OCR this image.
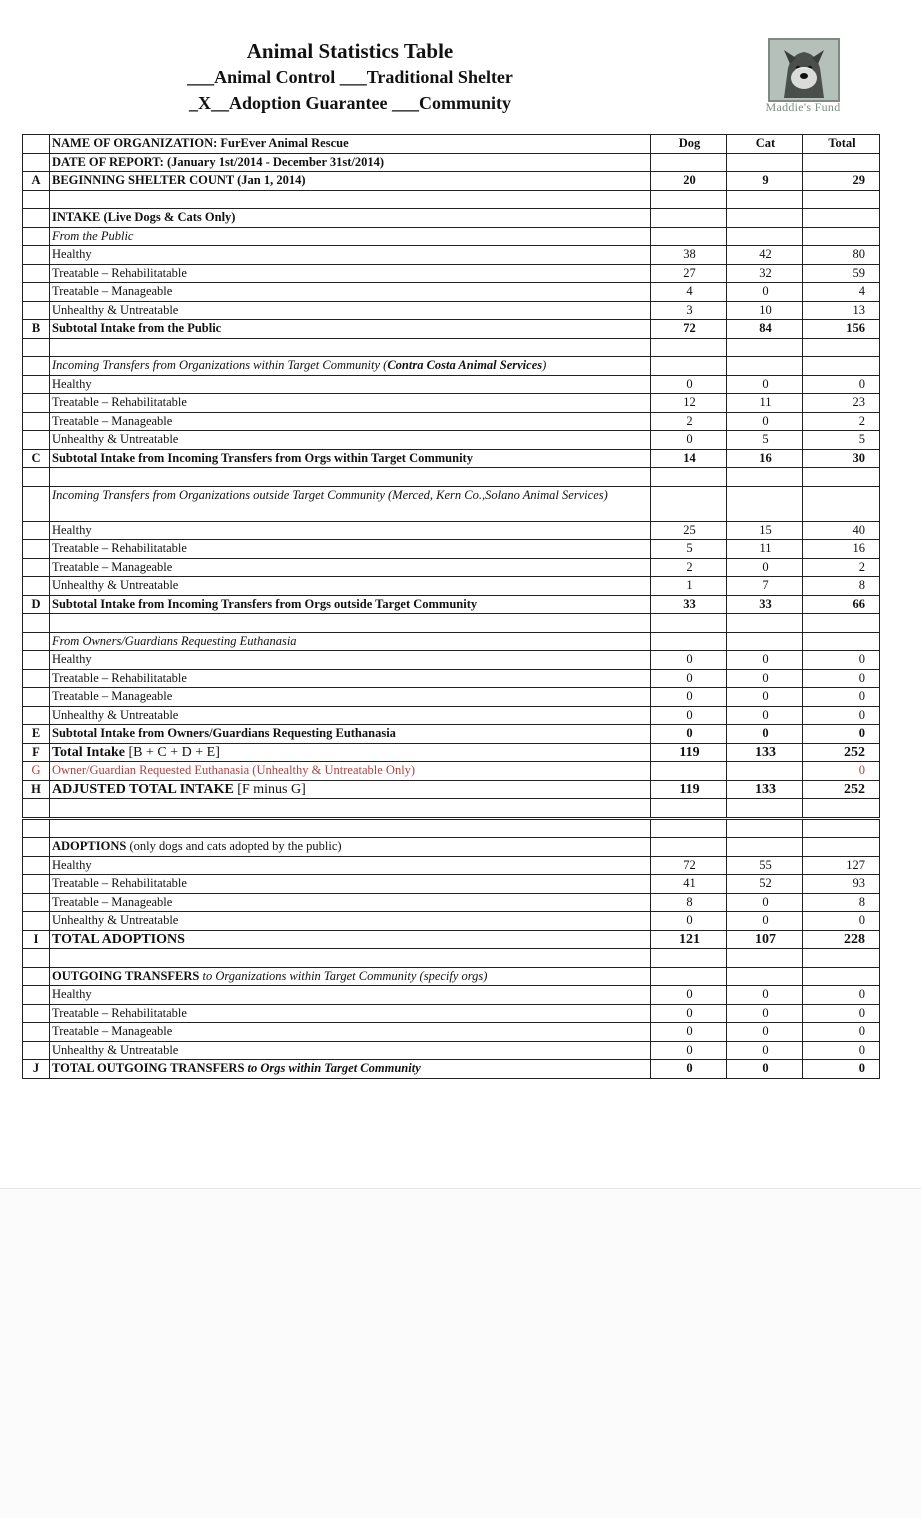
Animal Statistics Table
___Animal Control ___Traditional Shelter
_X__Adoption Guarantee ___Community	Maddie's Fund
	NAME OF ORGANIZATION: FurEver Animal Rescue	Dog	Cat	Total
	DATE OF REPORT: (January 1st/2014 - December 31st/2014)			
A	BEGINNING SHELTER COUNT (Jan 1, 2014)	20	9	29

	INTAKE (Live Dogs & Cats Only)			
	From the Public			
	Healthy	38	42	80
	Treatable – Rehabilitatable	27	32	59
	Treatable – Manageable	4	0	4
	Unhealthy & Untreatable	3	10	13
B	Subtotal Intake from the Public	72	84	156

	Incoming Transfers from Organizations within Target Community (Contra Costa Animal Services)			
	Healthy	0	0	0
	Treatable – Rehabilitatable	12	11	23
	Treatable – Manageable	2	0	2
	Unhealthy & Untreatable	0	5	5
C	Subtotal Intake from Incoming Transfers from Orgs within Target Community	14	16	30

	Incoming Transfers from Organizations outside Target Community (Merced, Kern Co.,Solano Animal Services)			
	Healthy	25	15	40
	Treatable – Rehabilitatable	5	11	16
	Treatable – Manageable	2	0	2
	Unhealthy & Untreatable	1	7	8
D	Subtotal Intake from Incoming Transfers from Orgs outside Target Community	33	33	66

	From Owners/Guardians Requesting Euthanasia			
	Healthy	0	0	0
	Treatable – Rehabilitatable	0	0	0
	Treatable – Manageable	0	0	0
	Unhealthy & Untreatable	0	0	0
E	Subtotal Intake from Owners/Guardians Requesting Euthanasia	0	0	0
F	Total Intake [B + C + D + E]	119	133	252
G	Owner/Guardian Requested Euthanasia (Unhealthy & Untreatable Only)			0
H	ADJUSTED TOTAL INTAKE [F minus G]	119	133	252

	ADOPTIONS (only dogs and cats adopted by the public)			
	Healthy	72	55	127
	Treatable – Rehabilitatable	41	52	93
	Treatable – Manageable	8	0	8
	Unhealthy & Untreatable	0	0	0
I	TOTAL ADOPTIONS	121	107	228

	OUTGOING TRANSFERS to Organizations within Target Community (specify orgs)			
	Healthy	0	0	0
	Treatable – Rehabilitatable	0	0	0
	Treatable – Manageable	0	0	0
	Unhealthy & Untreatable	0	0	0
J	TOTAL OUTGOING TRANSFERS to Orgs within Target Community	0	0	0
